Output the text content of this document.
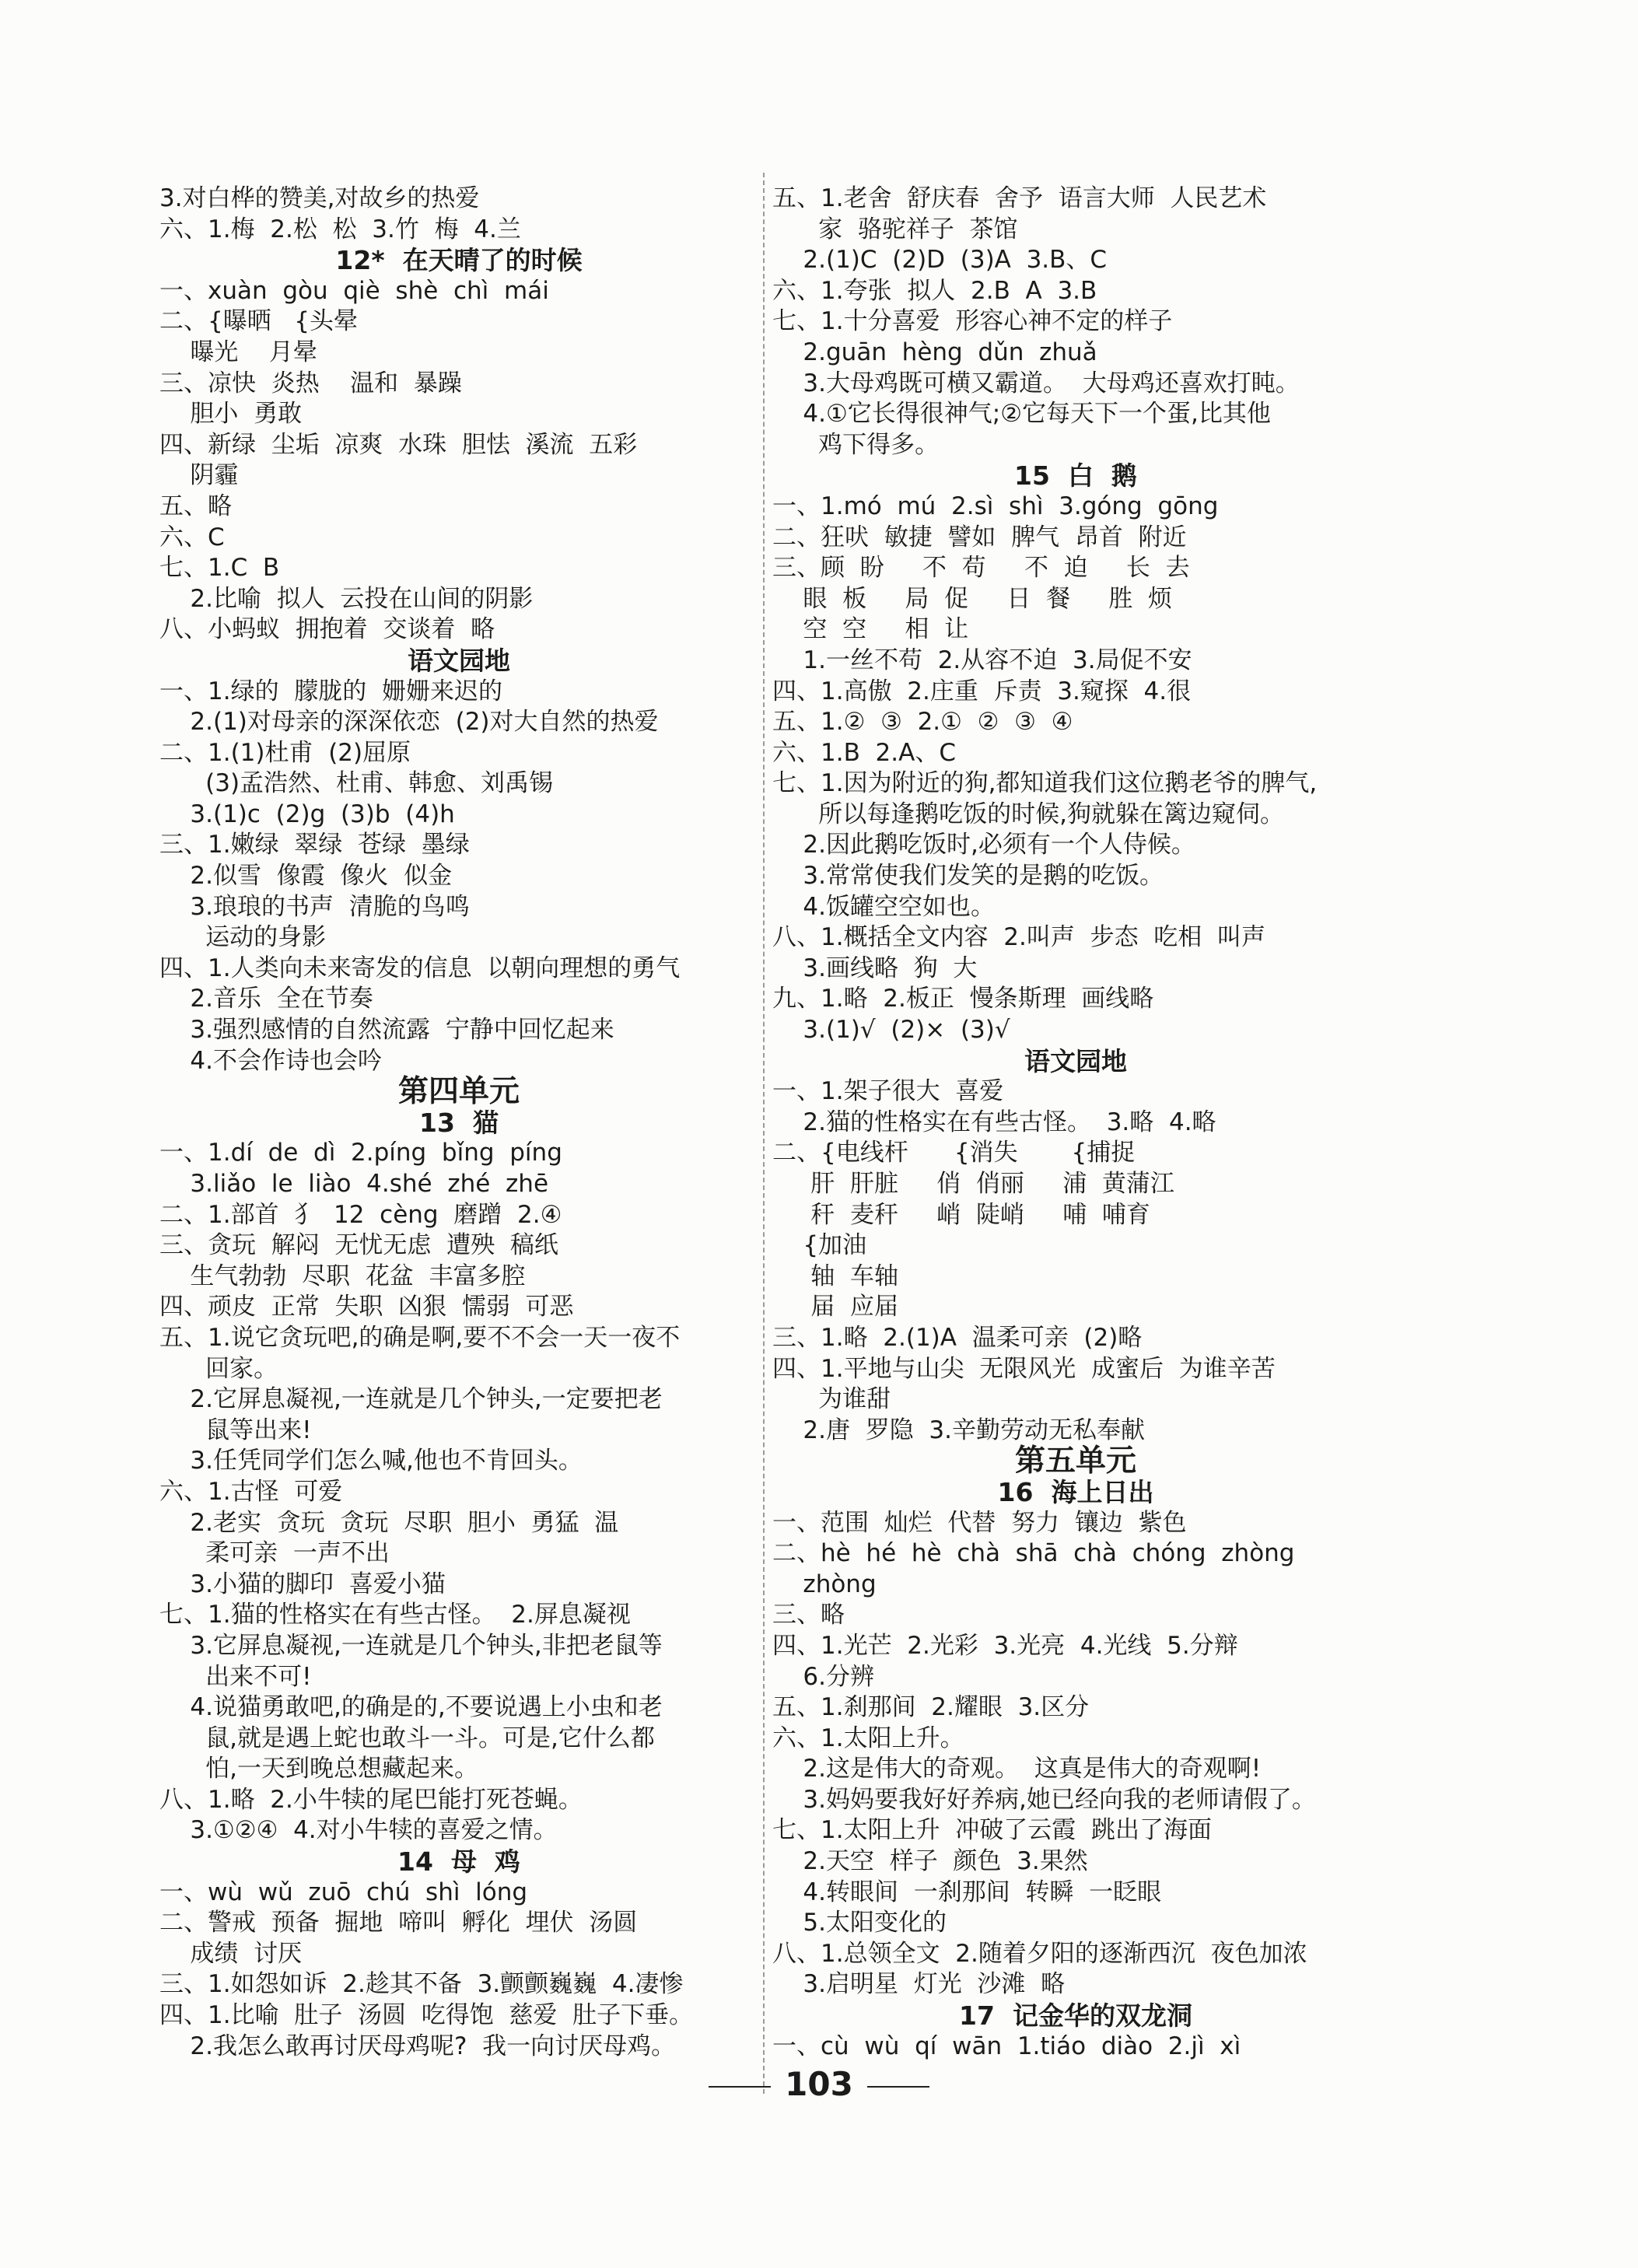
3.对白桦的赞美,对故乡的热爱
六、1.梅  2.松  松  3.竹  梅  4.兰
12*  在天晴了的时候
一、xuàn  gòu  qiè  shè  chì  mái
二、{曝晒   {头晕
曝光    月晕
三、凉快  炎热    温和  暴躁
胆小  勇敢
四、新绿  尘垢  凉爽  水珠  胆怯  溪流  五彩
阴霾
五、略
六、C
七、1.C  B
2.比喻  拟人  云投在山间的阴影
八、小蚂蚁  拥抱着  交谈着  略
语文园地
一、1.绿的  朦胧的  姗姗来迟的
2.(1)对母亲的深深依恋  (2)对大自然的热爱
二、1.(1)杜甫  (2)屈原
(3)孟浩然、杜甫、韩愈、刘禹锡
3.(1)c  (2)g  (3)b  (4)h
三、1.嫩绿  翠绿  苍绿  墨绿
2.似雪  像霞  像火  似金
3.琅琅的书声  清脆的鸟鸣
运动的身影
四、1.人类向未来寄发的信息  以朝向理想的勇气
2.音乐  全在节奏
3.强烈感情的自然流露  宁静中回忆起来
4.不会作诗也会吟
第四单元
13  猫
一、1.dí  de  dì  2.píng  bǐng  píng
3.liǎo  le  liào  4.shé  zhé  zhē
二、1.部首  犭  12  cèng  磨蹭  2.④
三、贪玩  解闷  无忧无虑  遭殃  稿纸
生气勃勃  尽职  花盆  丰富多腔
四、顽皮  正常  失职  凶狠  懦弱  可恶
五、1.说它贪玩吧,的确是啊,要不不会一天一夜不
回家。
2.它屏息凝视,一连就是几个钟头,一定要把老
鼠等出来!
3.任凭同学们怎么喊,他也不肯回头。
六、1.古怪  可爱
2.老实  贪玩  贪玩  尽职  胆小  勇猛  温
柔可亲  一声不出
3.小猫的脚印  喜爱小猫
七、1.猫的性格实在有些古怪。  2.屏息凝视
3.它屏息凝视,一连就是几个钟头,非把老鼠等
出来不可!
4.说猫勇敢吧,的确是的,不要说遇上小虫和老
鼠,就是遇上蛇也敢斗一斗。可是,它什么都
怕,一天到晚总想藏起来。
八、1.略  2.小牛犊的尾巴能打死苍蝇。
3.①②④  4.对小牛犊的喜爱之情。
14  母  鸡
一、wù  wǔ  zuō  chú  shì  lóng
二、警戒  预备  掘地  啼叫  孵化  埋伏  汤圆
成绩  讨厌
三、1.如怨如诉  2.趁其不备  3.颤颤巍巍  4.凄惨
四、1.比喻  肚子  汤圆  吃得饱  慈爱  肚子下垂。
2.我怎么敢再讨厌母鸡呢?  我一向讨厌母鸡。
五、1.老舍  舒庆春  舍予  语言大师  人民艺术
家  骆驼祥子  茶馆
2.(1)C  (2)D  (3)A  3.B、C
六、1.夸张  拟人  2.B  A  3.B
七、1.十分喜爱  形容心神不定的样子
2.guān  hèng  dǔn  zhuǎ
3.大母鸡既可横又霸道。  大母鸡还喜欢打盹。
4.①它长得很神气;②它每天下一个蛋,比其他
鸡下得多。
15  白  鹅
一、1.mó  mú  2.sì  shì  3.góng  gōng
二、狂吠  敏捷  譬如  脾气  昂首  附近
三、顾  盼     不  苟     不  迫     长  去
眼  板     局  促     日  餐     胜  烦
空  空     相  让
1.一丝不苟  2.从容不迫  3.局促不安
四、1.高傲  2.庄重  斥责  3.窥探  4.很
五、1.②  ③  2.①  ②  ③  ④
六、1.B  2.A、C
七、1.因为附近的狗,都知道我们这位鹅老爷的脾气,
所以每逢鹅吃饭的时候,狗就躲在篱边窥伺。
2.因此鹅吃饭时,必须有一个人侍候。
3.常常使我们发笑的是鹅的吃饭。
4.饭罐空空如也。
八、1.概括全文内容  2.叫声  步态  吃相  叫声
3.画线略  狗  大
九、1.略  2.板正  慢条斯理  画线略
3.(1)√  (2)×  (3)√
语文园地
一、1.架子很大  喜爱
2.猫的性格实在有些古怪。  3.略  4.略
二、{电线杆      {消失       {捕捉
肝  肝脏     俏  俏丽     浦  黄蒲江
秆  麦秆     峭  陡峭     哺  哺育
{加油
轴  车轴
届  应届
三、1.略  2.(1)A  温柔可亲  (2)略
四、1.平地与山尖  无限风光  成蜜后  为谁辛苦
为谁甜
2.唐  罗隐  3.辛勤劳动无私奉献
第五单元
16  海上日出
一、范围  灿烂  代替  努力  镶边  紫色
二、hè  hé  hè  chà  shā  chà  chóng  zhòng
zhòng
三、略
四、1.光芒  2.光彩  3.光亮  4.光线  5.分辩
6.分辨
五、1.刹那间  2.耀眼  3.区分
六、1.太阳上升。
2.这是伟大的奇观。  这真是伟大的奇观啊!
3.妈妈要我好好养病,她已经向我的老师请假了。
七、1.太阳上升  冲破了云霞  跳出了海面
2.天空  样子  颜色  3.果然
4.转眼间  一刹那间  转瞬  一眨眼
5.太阳变化的
八、1.总领全文  2.随着夕阳的逐渐西沉  夜色加浓
3.启明星  灯光  沙滩  略
17  记金华的双龙洞
一、cù  wù  qí  wān  1.tiáo  diào  2.jì  xì
103
